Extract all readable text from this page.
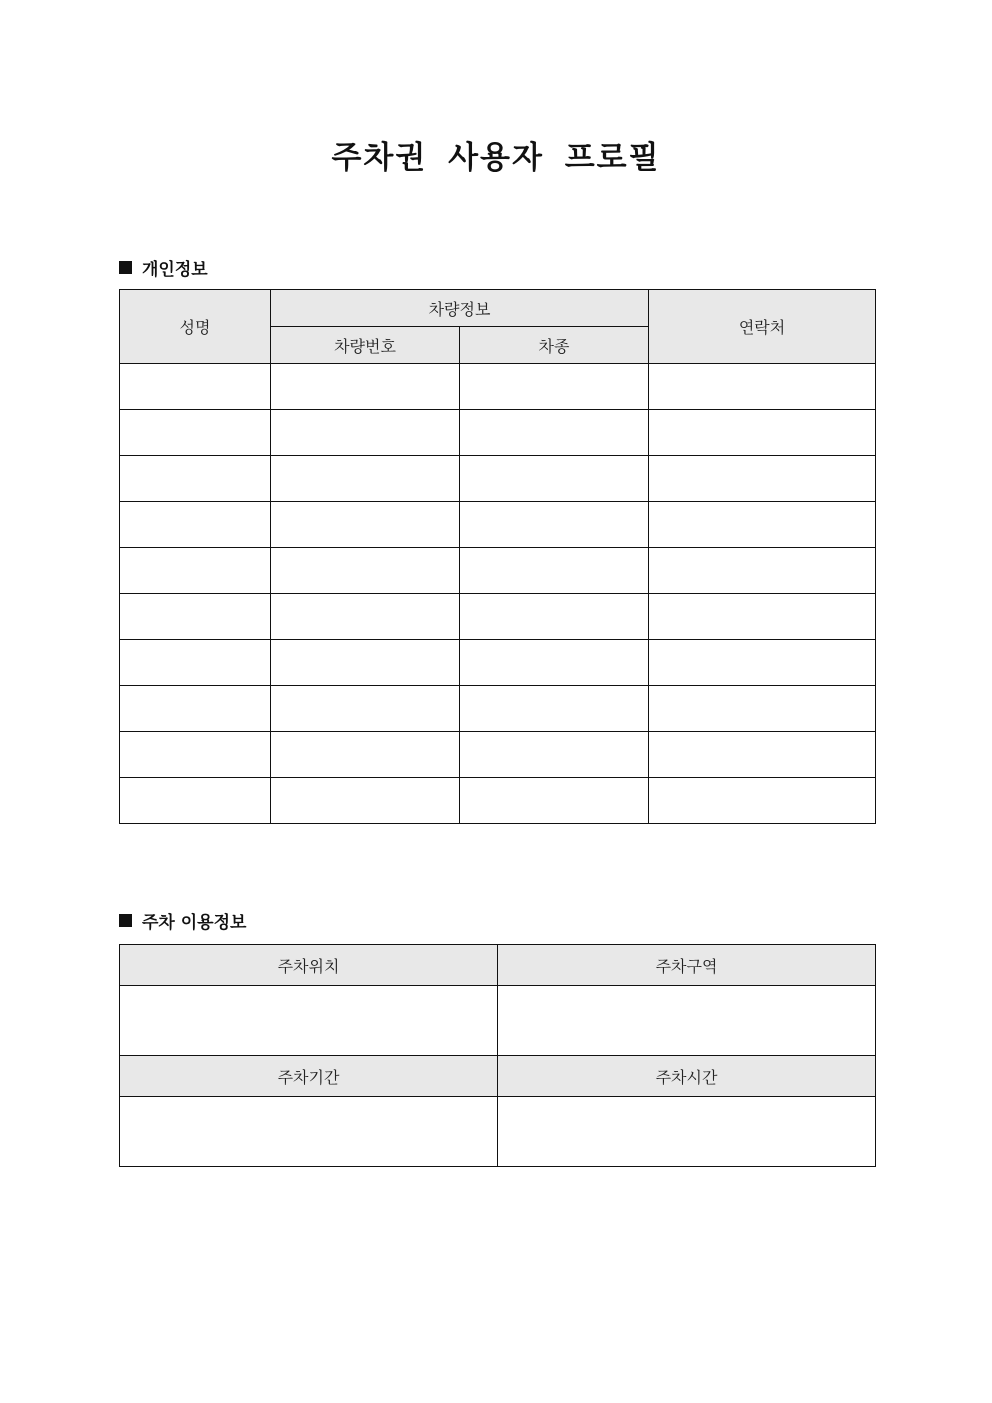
주차권 사용자 프로필
개인정보
성명	차량정보		연락처
	차량번호	차종	

주차 이용정보
주차위치	주차구역

주차기간	주차시간
